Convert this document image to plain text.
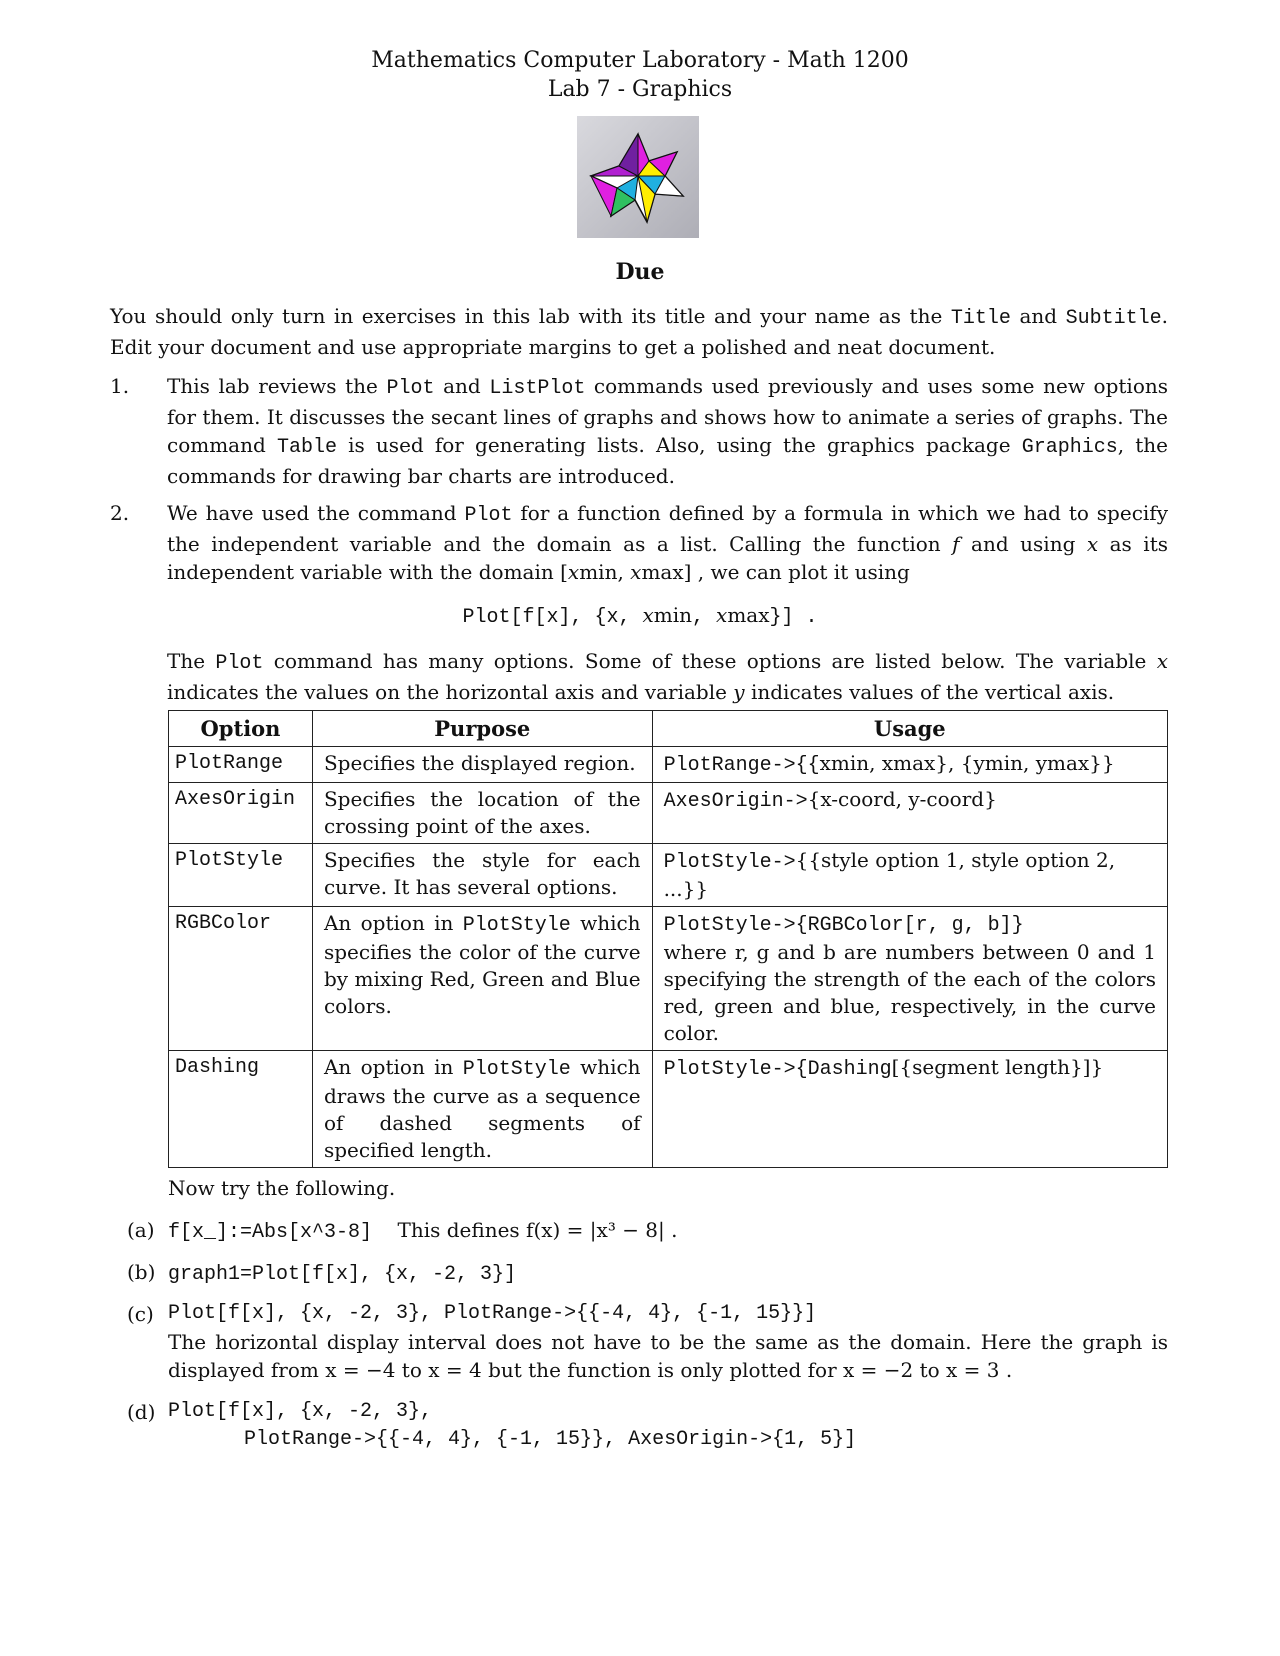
Mathematics Computer Laboratory - Math 1200
Lab 7 - Graphics
Due
You should only turn in exercises in this lab with its title and your name as the Title and Subtitle. Edit your document and use appropriate margins to get a polished and neat document.
1.	This lab reviews the Plot and ListPlot commands used previously and uses some new options for them. It discusses the secant lines of graphs and shows how to animate a series of graphs. The command Table is used for generating lists. Also, using the graphics package Graphics, the commands for drawing bar charts are introduced.
2.	We have used the command Plot for a function defined by a formula in which we had to specify the independent variable and the domain as a list. Calling the function f and using x as its independent variable with the domain [xmin, xmax] , we can plot it using
Plot[f[x], {x, xmin, xmax}] .
The Plot command has many options. Some of these options are listed below. The variable x indicates the values on the horizontal axis and variable y indicates values of the vertical axis.
Option	Purpose	Usage
PlotRange	Specifies the displayed region.	PlotRange->{{xmin, xmax}, {ymin, ymax}}
AxesOrigin	Specifies the location of the crossing point of the axes.	AxesOrigin->{x-coord, y-coord}
PlotStyle	Specifies the style for each curve. It has several options.	PlotStyle->{{style option 1, style option 2, ...}}
RGBColor	An option in PlotStyle which specifies the color of the curve by mixing Red, Green and Blue colors.	PlotStyle->{RGBColor[r, g, b]}
where r, g and b are numbers between 0 and 1 specifying the strength of the each of the colors red, green and blue, respectively, in the curve color.
Dashing	An option in PlotStyle which draws the curve as a sequence of dashed segments of specified length.	PlotStyle->{Dashing[{segment length}]}
Now try the following.
(a) f[x_]:=Abs[x^3-8] This defines f(x) = |x³ − 8| .
(b) graph1=Plot[f[x], {x, -2, 3}]
(c) Plot[f[x], {x, -2, 3}, PlotRange->{{-4, 4}, {-1, 15}}]
The horizontal display interval does not have to be the same as the domain. Here the graph is displayed from x = −4 to x = 4 but the function is only plotted for x = −2 to x = 3 .
(d) Plot[f[x], {x, -2, 3},
PlotRange->{{-4, 4}, {-1, 15}}, AxesOrigin->{1, 5}]
